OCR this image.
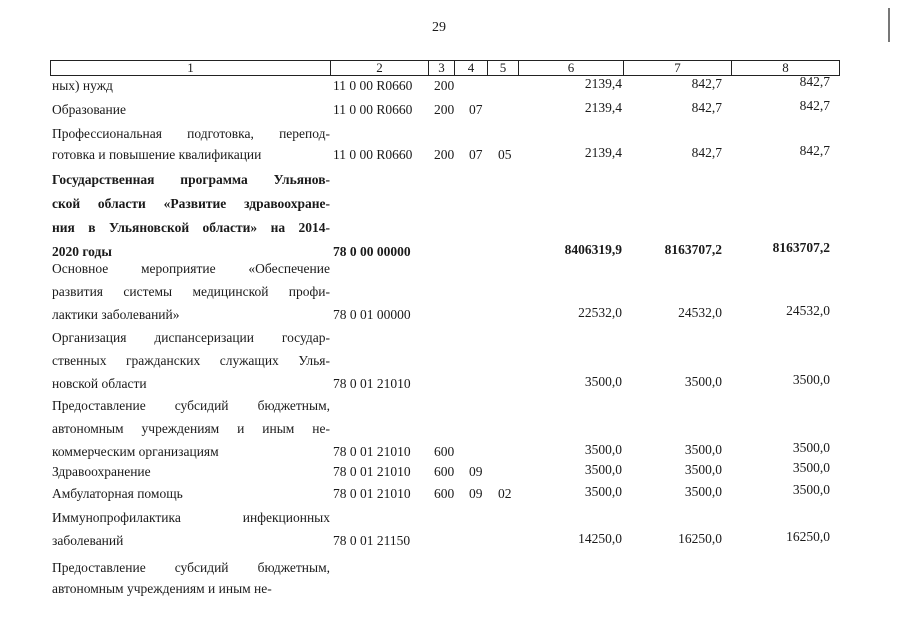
29
1	2	3	4	5	6	7	8
ных) нужд	11 0 00 R0660 200	2139,4	842,7	842,7
Образование	11 0 00 R0660 200 07	2139,4	842,7	842,7
Профессиональная подготовка, перепод-
готовка и повышение квалификации	11 0 00 R0660 200 07 05	2139,4	842,7	842,7
Государственная программа Ульянов-
ской области «Развитие здравоохране-
ния в Ульяновской области» на 2014-
2020 годы	78 0 00 00000	8406319,9	8163707,2	8163707,2
Основное мероприятие «Обеспечение
развития системы медицинской профи-
лактики заболеваний»	78 0 01 00000	22532,0	24532,0	24532,0
Организация диспансеризации государ-
ственных гражданских служащих Улья-
новской области	78 0 01 21010	3500,0	3500,0	3500,0
Предоставление субсидий бюджетным,
автономным учреждениям и иным не-
коммерческим организациям	78 0 01 21010 600	3500,0	3500,0	3500,0
Здравоохранение	78 0 01 21010 600 09	3500,0	3500,0	3500,0
Амбулаторная помощь	78 0 01 21010 600 09 02	3500,0	3500,0	3500,0
Иммунопрофилактика инфекционных
заболеваний	78 0 01 21150	14250,0	16250,0	16250,0
Предоставление субсидий бюджетным,
автономным учреждениям и иным не-
